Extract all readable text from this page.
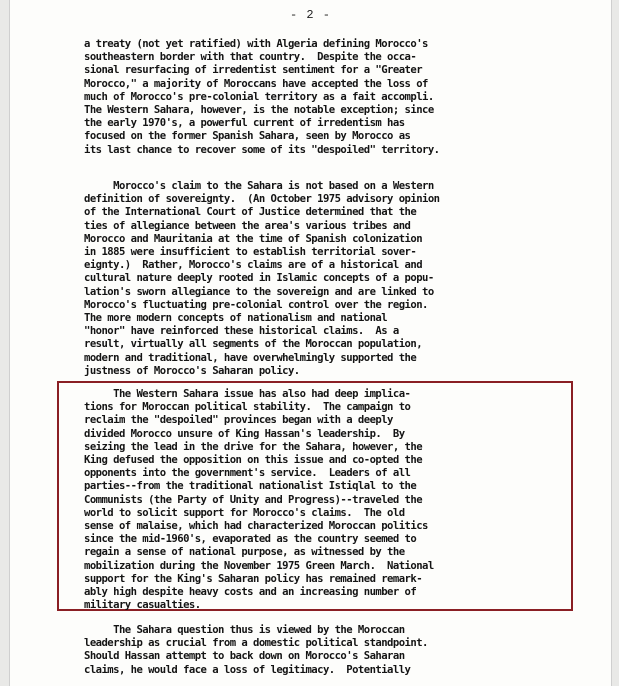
- 2 -

a treaty (not yet ratified) with Algeria defining Morocco's
southeastern border with that country.  Despite the occa-
sional resurfacing of irredentist sentiment for a "Greater
Morocco," a majority of Moroccans have accepted the loss of
much of Morocco's pre-colonial territory as a fait accompli.
The Western Sahara, however, is the notable exception; since
the early 1970's, a powerful current of irredentism has
focused on the former Spanish Sahara, seen by Morocco as
its last chance to recover some of its "despoiled" territory.

Morocco's claim to the Sahara is not based on a Western
definition of sovereignty.  (An October 1975 advisory opinion
of the International Court of Justice determined that the
ties of allegiance between the area's various tribes and
Morocco and Mauritania at the time of Spanish colonization
in 1885 were insufficient to establish territorial sover-
eignty.)  Rather, Morocco's claims are of a historical and
cultural nature deeply rooted in Islamic concepts of a popu-
lation's sworn allegiance to the sovereign and are linked to
Morocco's fluctuating pre-colonial control over the region.
The more modern concepts of nationalism and national
"honor" have reinforced these historical claims.  As a
result, virtually all segments of the Moroccan population,
modern and traditional, have overwhelmingly supported the
justness of Morocco's Saharan policy.

The Western Sahara issue has also had deep implica-
tions for Moroccan political stability.  The campaign to
reclaim the "despoiled" provinces began with a deeply
divided Morocco unsure of King Hassan's leadership.  By
seizing the lead in the drive for the Sahara, however, the
King defused the opposition on this issue and co-opted the
opponents into the government's service.  Leaders of all
parties--from the traditional nationalist Istiqlal to the
Communists (the Party of Unity and Progress)--traveled the
world to solicit support for Morocco's claims.  The old
sense of malaise, which had characterized Moroccan politics
since the mid-1960's, evaporated as the country seemed to
regain a sense of national purpose, as witnessed by the
mobilization during the November 1975 Green March.  National
support for the King's Saharan policy has remained remark-
ably high despite heavy costs and an increasing number of
military casualties.

The Sahara question thus is viewed by the Moroccan
leadership as crucial from a domestic political standpoint.
Should Hassan attempt to back down on Morocco's Saharan
claims, he would face a loss of legitimacy.  Potentially
